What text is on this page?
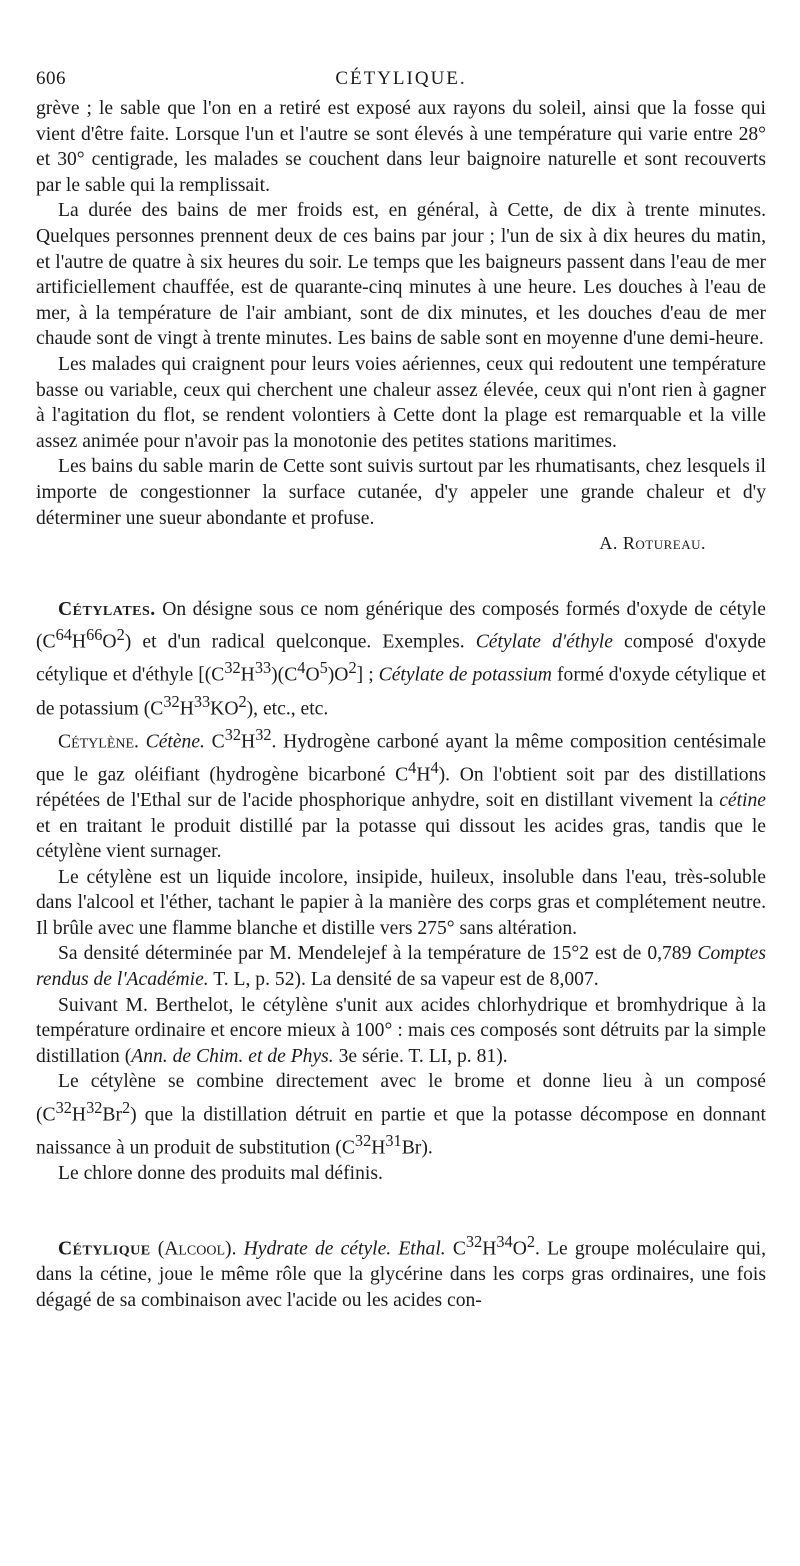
606	CÉTYLIQUE.

grève ; le sable que l'on en a retiré est exposé aux rayons du soleil, ainsi que la fosse qui vient d'être faite. Lorsque l'un et l'autre se sont élevés à une température qui varie entre 28° et 30° centigrade, les malades se couchent dans leur baignoire naturelle et sont recouverts par le sable qui la remplissait.

La durée des bains de mer froids est, en général, à Cette, de dix à trente minutes. Quelques personnes prennent deux de ces bains par jour ; l'un de six à dix heures du matin, et l'autre de quatre à six heures du soir. Le temps que les baigneurs passent dans l'eau de mer artificiellement chauffée, est de quarante-cinq minutes à une heure. Les douches à l'eau de mer, à la température de l'air ambiant, sont de dix minutes, et les douches d'eau de mer chaude sont de vingt à trente minutes. Les bains de sable sont en moyenne d'une demi-heure.

Les malades qui craignent pour leurs voies aériennes, ceux qui redoutent une température basse ou variable, ceux qui cherchent une chaleur assez élevée, ceux qui n'ont rien à gagner à l'agitation du flot, se rendent volontiers à Cette dont la plage est remarquable et la ville assez animée pour n'avoir pas la monotonie des petites stations maritimes.

Les bains du sable marin de Cette sont suivis surtout par les rhumatisants, chez lesquels il importe de congestionner la surface cutanée, d'y appeler une grande chaleur et d'y déterminer une sueur abondante et profuse.

A. Rotureau.

Cétylates. On désigne sous ce nom générique des composés formés d'oxyde de cétyle $(C^{64}H^{66}O^2)$ et d'un radical quelconque. Exemples. Cétylate d'éthyle composé d'oxyde cétylique et d'éthyle $[(C^{32}H^{33})(C^4O^5)O^2]$ ; Cétylate de potassium formé d'oxyde cétylique et de potassium $(C^{32}H^{33}KO^2)$, etc., etc.

Cétylène. Cétène. $C^{32}H^{32}$. Hydrogène carboné ayant la même composition centésimale que le gaz oléifiant (hydrogène bicarboné $C^4H^4$). On l'obtient soit par des distillations répétées de l'Ethal sur de l'acide phosphorique anhydre, soit en distillant vivement la cétine et en traitant le produit distillé par la potasse qui dissout les acides gras, tandis que le cétylène vient surnager.

Le cétylène est un liquide incolore, insipide, huileux, insoluble dans l'eau, très-soluble dans l'alcool et l'éther, tachant le papier à la manière des corps gras et complétement neutre. Il brûle avec une flamme blanche et distille vers 275° sans altération.

Sa densité déterminée par M. Mendelejef à la température de 15°2 est de 0,789 Comptes rendus de l'Académie. T. L, p. 52). La densité de sa vapeur est de 8,007.

Suivant M. Berthelot, le cétylène s'unit aux acides chlorhydrique et bromhydrique à la température ordinaire et encore mieux à 100° : mais ces composés sont détruits par la simple distillation (Ann. de Chim. et de Phys. 3e série. T. LI, p. 81).

Le cétylène se combine directement avec le brome et donne lieu à un composé $(C^{32}H^{32}Br^2)$ que la distillation détruit en partie et que la potasse décompose en donnant naissance à un produit de substitution $(C^{32}H^{31}Br)$.

Le chlore donne des produits mal définis.

Cétylique (Alcool). Hydrate de cétyle. Ethal. $C^{32}H^{34}O^2$. Le groupe moléculaire qui, dans la cétine, joue le même rôle que la glycérine dans les corps gras ordinaires, une fois dégagé de sa combinaison avec l'acide ou les acides con-
